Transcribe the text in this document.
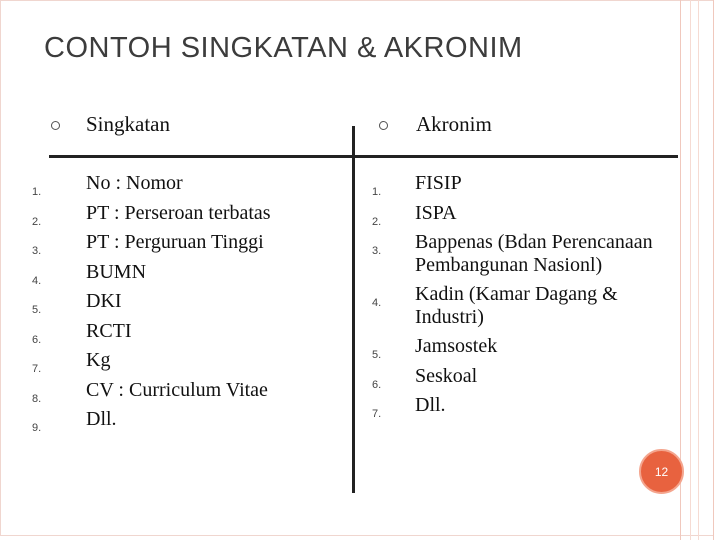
CONTOH SINGKATAN & AKRONIM
Singkatan	Akronim
1. No : Nomor
2. PT : Perseroan terbatas
3. PT : Perguruan Tinggi
4. BUMN
5. DKI
6. RCTI
7. Kg
8. CV : Curriculum Vitae
9. Dll.
1. FISIP
2. ISPA
3. Bappenas (Bdan Perencanaan Pembangunan Nasionl)
4. Kadin (Kamar Dagang & Industri)
5. Jamsostek
6. Seskoal
7. Dll.
12
